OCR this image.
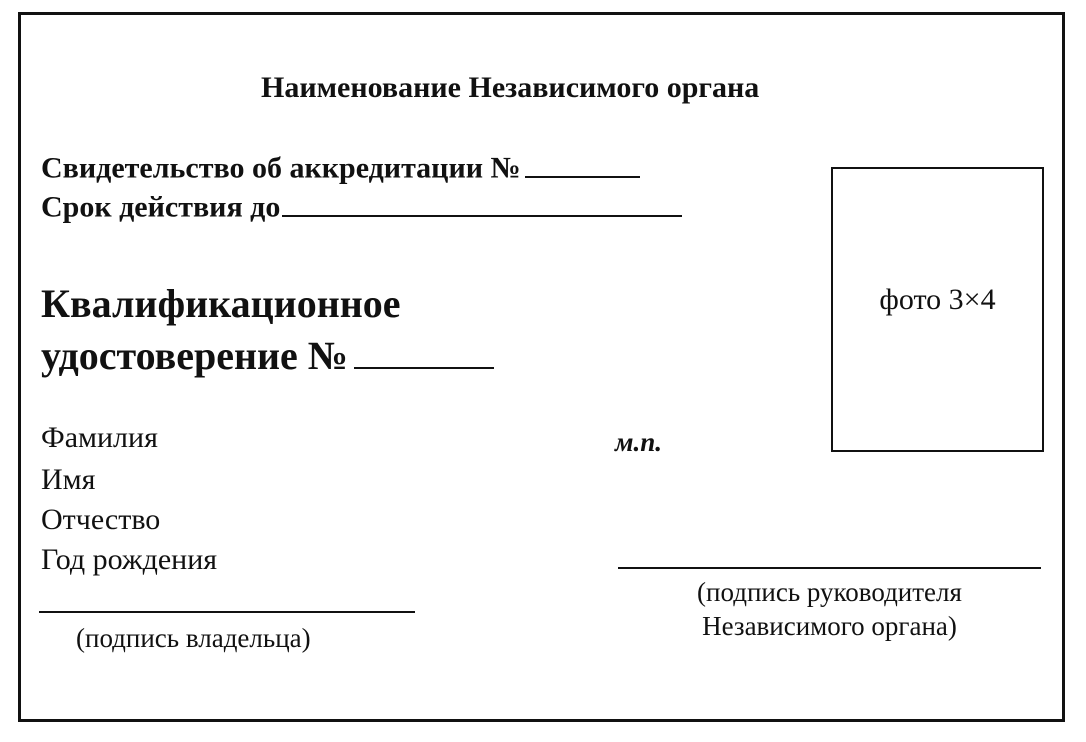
Наименование Независимого органа
Свидетельство об аккредитации №
Срок действия до
Квалификационное
удостоверение №
Фамилия
Имя
Отчество
Год рождения
м.п.
фото 3×4
(подпись владельца)
(подпись руководителя
Независимого органа)
